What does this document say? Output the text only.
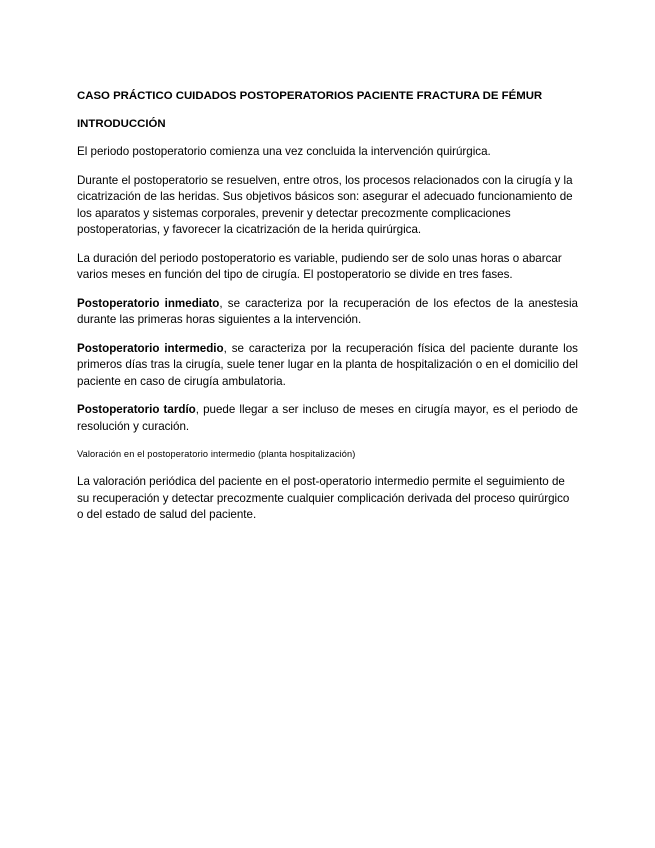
CASO PRÁCTICO CUIDADOS POSTOPERATORIOS PACIENTE FRACTURA DE FÉMUR
INTRODUCCIÓN

El periodo postoperatorio comienza una vez concluida la intervención quirúrgica.

Durante el postoperatorio se resuelven, entre otros, los procesos relacionados con la cirugía y la cicatrización de las heridas. Sus objetivos básicos son: asegurar el adecuado funcionamiento de los aparatos y sistemas corporales, prevenir y detectar precozmente complicaciones postoperatorias, y favorecer la cicatrización de la herida quirúrgica.

La duración del periodo postoperatorio es variable, pudiendo ser de solo unas horas o abarcar varios meses en función del tipo de cirugía. El postoperatorio se divide en tres fases.

Postoperatorio inmediato, se caracteriza por la recuperación de los efectos de la anestesia durante las primeras horas siguientes a la intervención.

Postoperatorio intermedio, se caracteriza por la recuperación física del paciente durante los primeros días tras la cirugía, suele tener lugar en la planta de hospitalización o en el domicilio del paciente en caso de cirugía ambulatoria.

Postoperatorio tardío, puede llegar a ser incluso de meses en cirugía mayor, es el periodo de resolución y curación.

Valoración en el postoperatorio intermedio (planta hospitalización)

La valoración periódica del paciente en el post-operatorio intermedio permite el seguimiento de su recuperación y detectar precozmente cualquier complicación derivada del proceso quirúrgico o del estado de salud del paciente.
